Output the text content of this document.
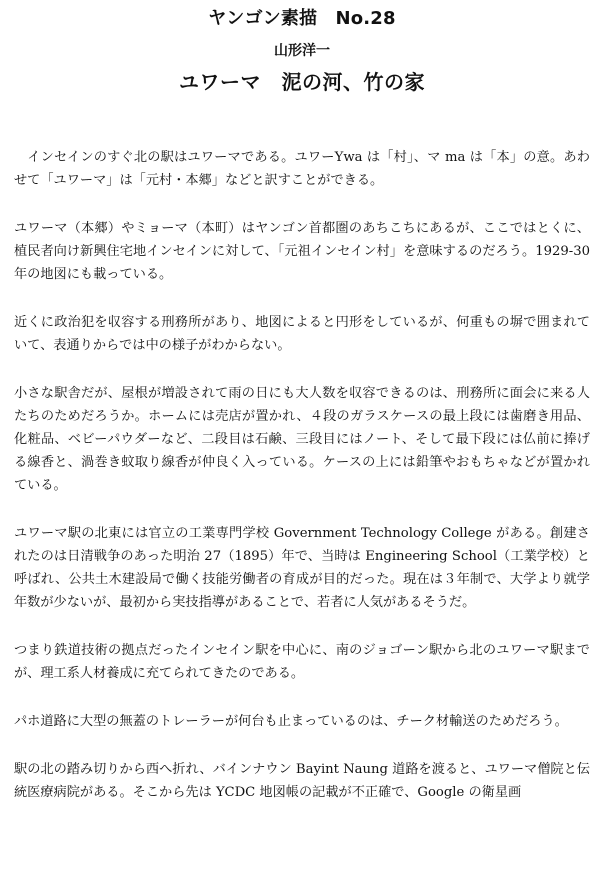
ヤンゴン素描　No.28
山形洋一
ユワーマ　泥の河、竹の家

インセインのすぐ北の駅はユワーマである。ユワーYwa は「村」、マ ma は「本」の意。あわせて「ユワーマ」は「元村・本郷」などと訳すことができる。

ユワーマ（本郷）やミョーマ（本町）はヤンゴン首都圏のあちこちにあるが、ここではとくに、植民者向け新興住宅地インセインに対して、「元祖インセイン村」を意味するのだろう。1929-30 年の地図にも載っている。

近くに政治犯を収容する刑務所があり、地図によると円形をしているが、何重もの塀で囲まれていて、表通りからでは中の様子がわからない。

小さな駅舎だが、屋根が増設されて雨の日にも大人数を収容できるのは、刑務所に面会に来る人たちのためだろうか。ホームには売店が置かれ、４段のガラスケースの最上段には歯磨き用品、化粧品、ベビーパウダーなど、二段目は石鹸、三段目にはノート、そして最下段には仏前に捧げる線香と、渦巻き蚊取り線香が仲良く入っている。ケースの上には鉛筆やおもちゃなどが置かれている。

ユワーマ駅の北東には官立の工業専門学校 Government Technology College がある。創建されたのは日清戦争のあった明治 27（1895）年で、当時は Engineering School（工業学校）と呼ばれ、公共土木建設局で働く技能労働者の育成が目的だった。現在は３年制で、大学より就学年数が少ないが、最初から実技指導があることで、若者に人気があるそうだ。

つまり鉄道技術の拠点だったインセイン駅を中心に、南のジョゴーン駅から北のユワーマ駅までが、理工系人材養成に充てられてきたのである。

パホ道路に大型の無蓋のトレーラーが何台も止まっているのは、チーク材輸送のためだろう。

駅の北の踏み切りから西へ折れ、バインナウン Bayint Naung 道路を渡ると、ユワーマ僧院と伝統医療病院がある。そこから先は YCDC 地図帳の記載が不正確で、Google の衛星画
